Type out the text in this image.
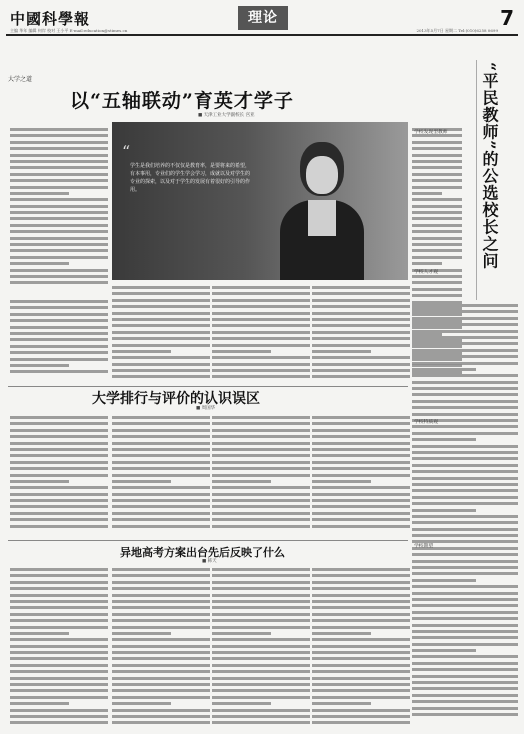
中國科學報
主编 华年 编辑 何岸 校对 王小平 E-mail:education@stimes.cn
理论
2013年5月7日 星期二 Tel:(010)6258 0699
7
大学之道
以“五轴联动”育英才学子
■ 天津工业大学副校长 宫亚
“
学生是我们培养的不仅仅是教育率，是要将来的希望，有本事用，专业们的学生学会学习，成就以及对学生的专业的探索，以及对于学生的发展有着很好的引导的作用。	“平民教师”的公选校长之问
学校发现型教师
学校人才观
学校特质观
学校期望
大学排行与评价的认识误区
■ 周国华
异地高考方案出台先后反映了什么
■ 韩天
